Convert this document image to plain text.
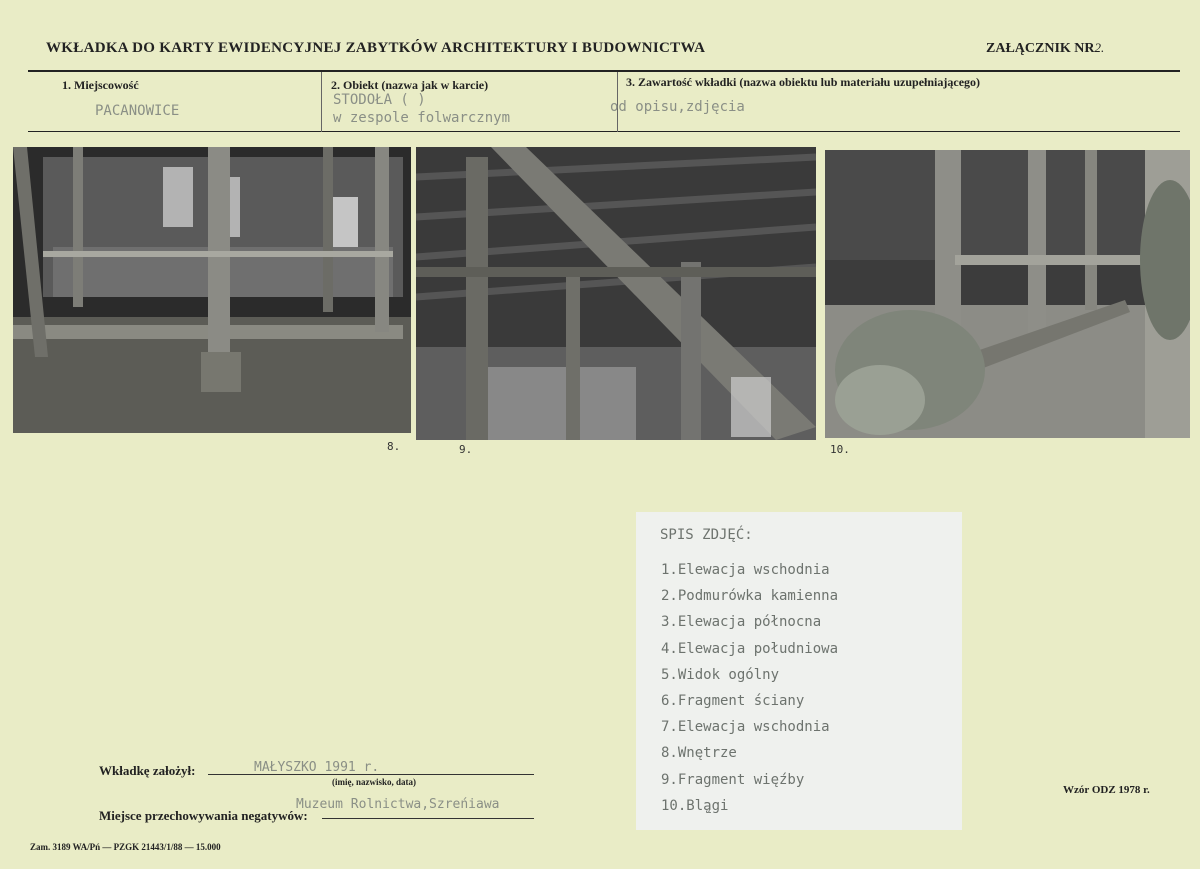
WKŁADKA DO KARTY EWIDENCYJNEJ ZABYTKÓW ARCHITEKTURY I BUDOWNICTWA	ZAŁĄCZNIK NR2.
1. Miejscowość
PACANOWICE
2. Obiekt (nazwa jak w karcie)
STODOŁA ( )
w zespole folwarcznym
3. Zawartość wkładki (nazwa obiektu lub materiału uzupełniającego)
od opisu,zdjęcia
8.	9.	10.
SPIS ZDJĘĆ:
1.Elewacja wschodnia
2.Podmurówka kamienna
3.Elewacja północna
4.Elewacja południowa
5.Widok ogólny
6.Fragment ściany
7.Elewacja wschodnia
8.Wnętrze
9.Fragment więźby
10.Bl̨ągi
Wkładkę założył:	MAŁYSZKO 1991 r.
(imię, nazwisko, data)
Miejsce przechowywania negatywów:
Muzeum Rolnictwa,Szreńiawa
Wzór ODZ 1978 r.
Zam. 3189 WA/Pń — PZGK 21443/1/88 — 15.000
